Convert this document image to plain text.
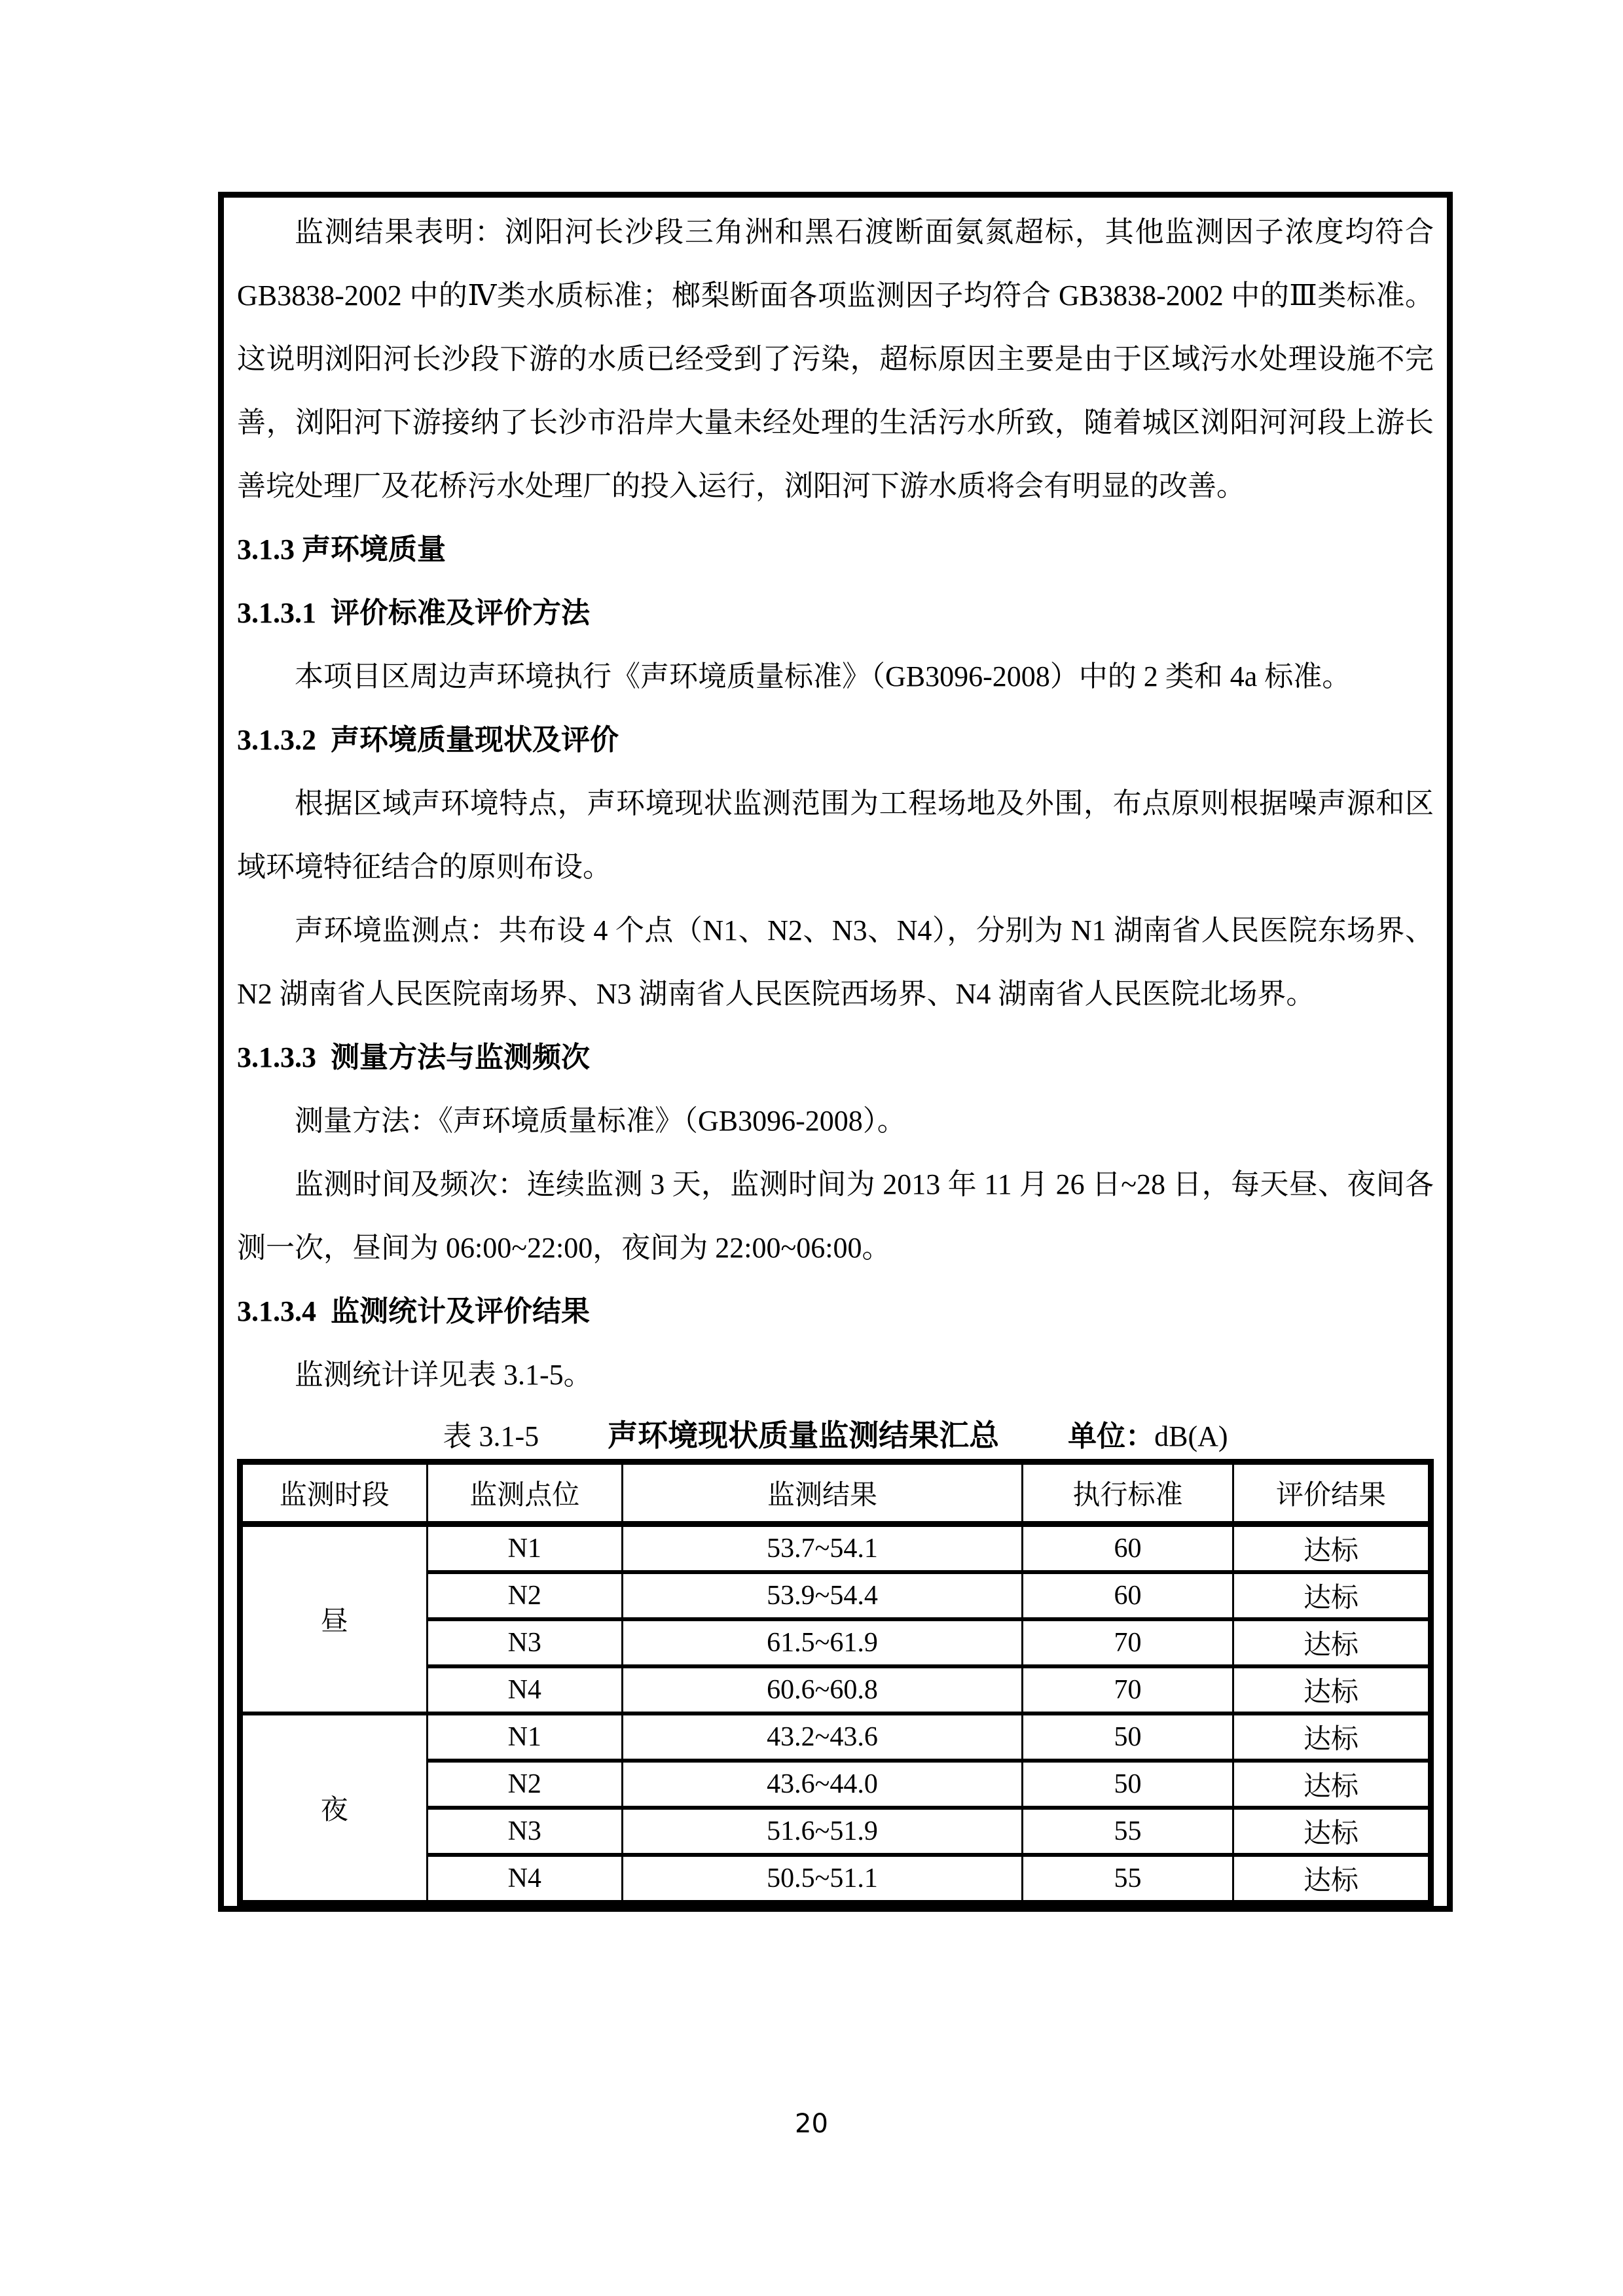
监测结果表明：浏阳河长沙段三角洲和黑石渡断面氨氮超标，其他监测因子浓度均符合 GB3838-2002 中的Ⅳ类水质标准；榔梨断面各项监测因子均符合 GB3838-2002 中的Ⅲ类标准。这说明浏阳河长沙段下游的水质已经受到了污染，超标原因主要是由于区域污水处理设施不完善，浏阳河下游接纳了长沙市沿岸大量未经处理的生活污水所致，随着城区浏阳河河段上游长善垸处理厂及花桥污水处理厂的投入运行，浏阳河下游水质将会有明显的改善。

3.1.3 声环境质量
3.1.3.1  评价标准及评价方法

本项目区周边声环境执行《声环境质量标准》（GB3096-2008）中的 2 类和 4a 标准。

3.1.3.2  声环境质量现状及评价

根据区域声环境特点，声环境现状监测范围为工程场地及外围，布点原则根据噪声源和区域环境特征结合的原则布设。

声环境监测点：共布设 4 个点（N1、N2、N3、N4），分别为 N1 湖南省人民医院东场界、N2 湖南省人民医院南场界、N3 湖南省人民医院西场界、N4 湖南省人民医院北场界。

3.1.3.3  测量方法与监测频次

测量方法：《声环境质量标准》（GB3096-2008）。

监测时间及频次：连续监测 3 天，监测时间为 2013 年 11 月 26 日~28 日，每天昼、夜间各测一次，昼间为 06:00~22:00，夜间为 22:00~06:00。

3.1.3.4  监测统计及评价结果

监测统计详见表 3.1-5。

表 3.1-5 声环境现状质量监测结果汇总 单位：dB(A)
监测时段	监测点位	监测结果	执行标准	评价结果
昼	N1	53.7~54.1	60	达标
	N2	53.9~54.4	60	达标
	N3	61.5~61.9	70	达标
	N4	60.6~60.8	70	达标
夜	N1	43.2~43.6	50	达标
	N2	43.6~44.0	50	达标
	N3	51.6~51.9	55	达标
	N4	50.5~51.1	55	达标
20
